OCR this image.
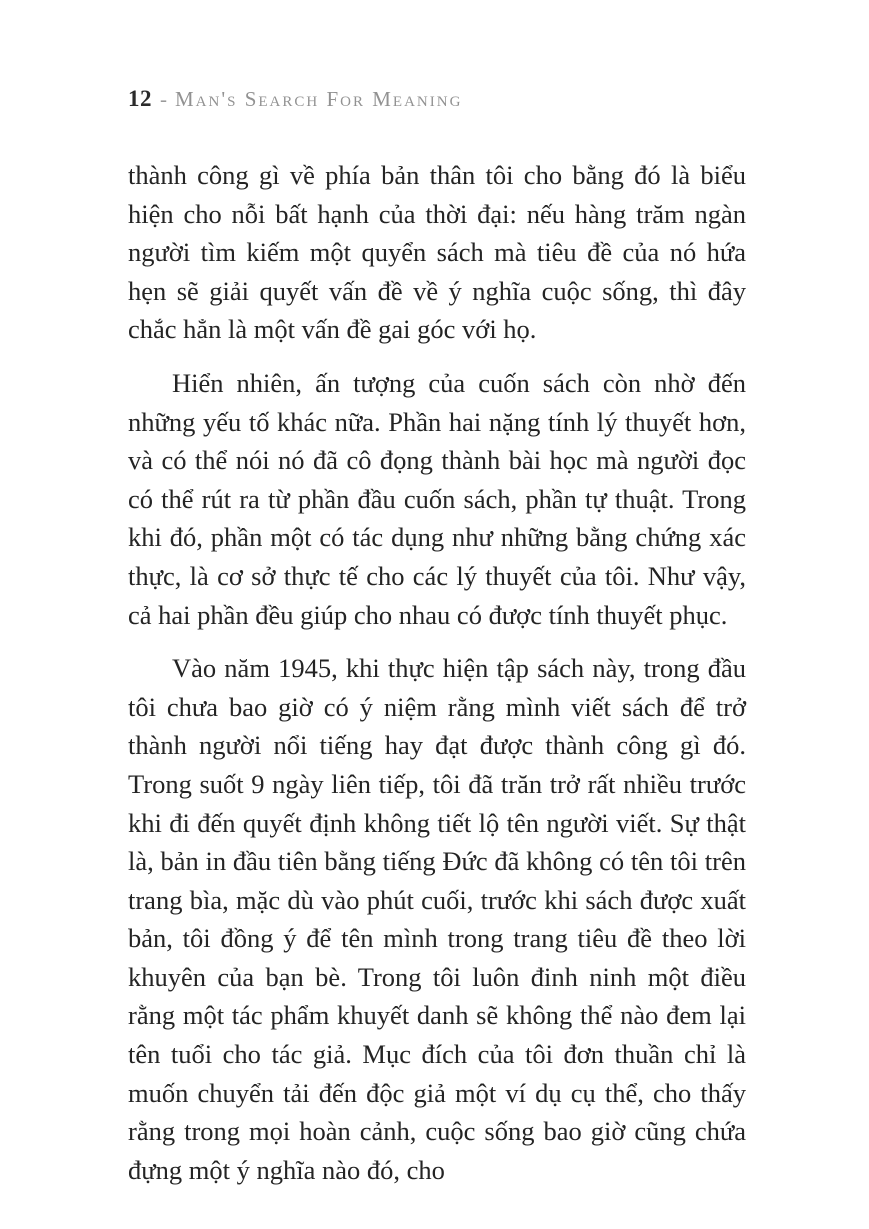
12 - Man's Search For Meaning

thành công gì về phía bản thân tôi cho bằng đó là biểu hiện cho nỗi bất hạnh của thời đại: nếu hàng trăm ngàn người tìm kiếm một quyển sách mà tiêu đề của nó hứa hẹn sẽ giải quyết vấn đề về ý nghĩa cuộc sống, thì đây chắc hẳn là một vấn đề gai góc với họ.

Hiển nhiên, ấn tượng của cuốn sách còn nhờ đến những yếu tố khác nữa. Phần hai nặng tính lý thuyết hơn, và có thể nói nó đã cô đọng thành bài học mà người đọc có thể rút ra từ phần đầu cuốn sách, phần tự thuật. Trong khi đó, phần một có tác dụng như những bằng chứng xác thực, là cơ sở thực tế cho các lý thuyết của tôi. Như vậy, cả hai phần đều giúp cho nhau có được tính thuyết phục.

Vào năm 1945, khi thực hiện tập sách này, trong đầu tôi chưa bao giờ có ý niệm rằng mình viết sách để trở thành người nổi tiếng hay đạt được thành công gì đó. Trong suốt 9 ngày liên tiếp, tôi đã trăn trở rất nhiều trước khi đi đến quyết định không tiết lộ tên người viết. Sự thật là, bản in đầu tiên bằng tiếng Đức đã không có tên tôi trên trang bìa, mặc dù vào phút cuối, trước khi sách được xuất bản, tôi đồng ý để tên mình trong trang tiêu đề theo lời khuyên của bạn bè. Trong tôi luôn đinh ninh một điều rằng một tác phẩm khuyết danh sẽ không thể nào đem lại tên tuổi cho tác giả. Mục đích của tôi đơn thuần chỉ là muốn chuyển tải đến độc giả một ví dụ cụ thể, cho thấy rằng trong mọi hoàn cảnh, cuộc sống bao giờ cũng chứa đựng một ý nghĩa nào đó, cho
